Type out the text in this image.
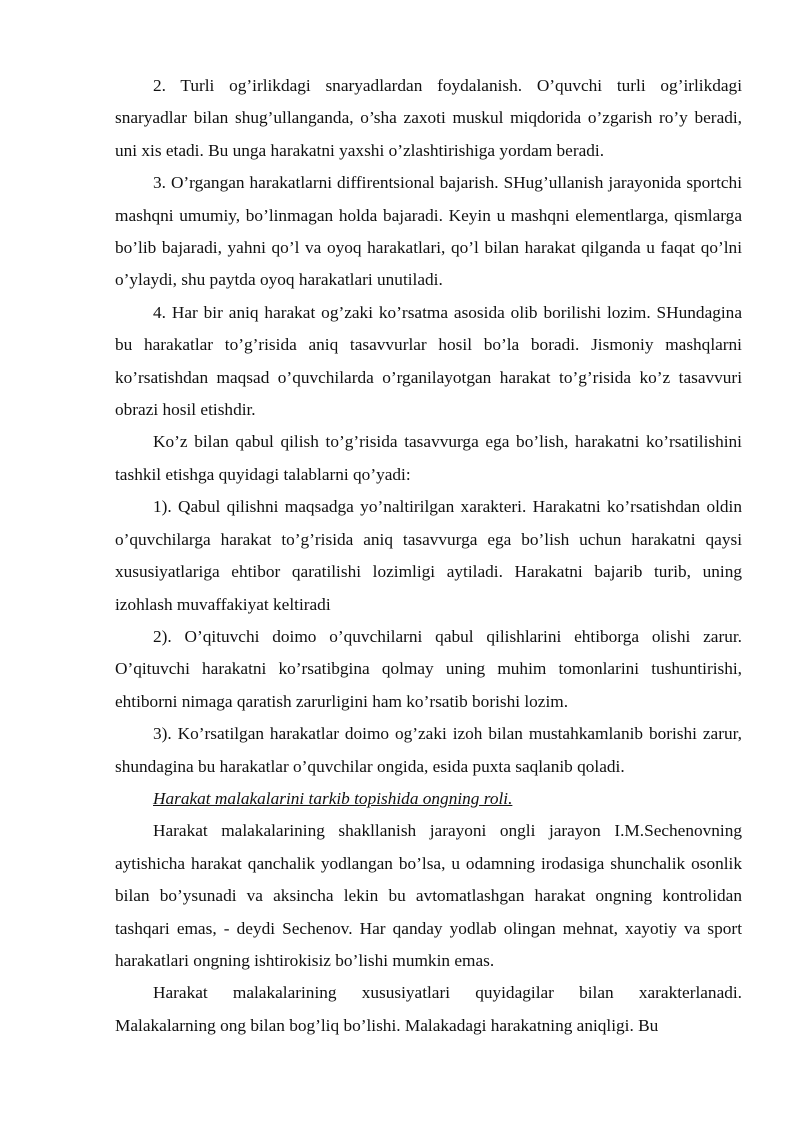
2. Turli og’irlikdagi snaryadlardan foydalanish. O’quvchi turli og’irlikdagi snaryadlar bilan shug’ullanganda, o’sha zaxoti muskul miqdorida o’zgarish ro’y beradi, uni xis etadi. Bu unga harakatni yaxshi o’zlashtirishiga yordam beradi.

3. O’rgangan harakatlarni diffirentsional bajarish. SHug’ullanish jarayonida sportchi mashqni umumiy, bo’linmagan holda bajaradi. Keyin u mashqni elementlarga, qismlarga bo’lib bajaradi, yahni qo’l va oyoq harakatlari, qo’l bilan harakat qilganda u faqat qo’lni o’ylaydi, shu paytda oyoq harakatlari unutiladi.

4. Har bir aniq harakat og’zaki ko’rsatma asosida olib borilishi lozim. SHundagina bu harakatlar to’g’risida aniq tasavvurlar hosil bo’la boradi. Jismoniy mashqlarni ko’rsatishdan maqsad o’quvchilarda o’rganilayotgan harakat to’g’risida ko’z tasavvuri obrazi hosil etishdir.

Ko’z bilan qabul qilish to’g’risida tasavvurga ega bo’lish, harakatni ko’rsatilishini tashkil etishga quyidagi talablarni qo’yadi:

1). Qabul qilishni maqsadga yo’naltirilgan xarakteri. Harakatni ko’rsatishdan oldin o’quvchilarga harakat to’g’risida aniq tasavvurga ega bo’lish uchun harakatni qaysi xususiyatlariga ehtibor qaratilishi lozimligi aytiladi. Harakatni bajarib turib, uning izohlash muvaffakiyat keltiradi

2). O’qituvchi doimo o’quvchilarni qabul qilishlarini ehtiborga olishi zarur. O’qituvchi harakatni ko’rsatibgina qolmay uning muhim tomonlarini tushuntirishi, ehtiborni nimaga qaratish zarurligini ham ko’rsatib borishi lozim.

3). Ko’rsatilgan harakatlar doimo og’zaki izoh bilan mustahkamlanib borishi zarur, shundagina bu harakatlar o’quvchilar ongida, esida puxta saqlanib qoladi.

Harakat malakalarini tarkib topishida ongning roli.

Harakat malakalarining shakllanish jarayoni ongli jarayon I.M.Sechenovning aytishicha harakat qanchalik yodlangan bo’lsa, u odamning irodasiga shunchalik osonlik bilan bo’ysunadi va aksincha lekin bu avtomatlashgan harakat ongning kontrolidan tashqari emas, - deydi Sechenov. Har qanday yodlab olingan mehnat, xayotiy va sport harakatlari ongning ishtirokisiz bo’lishi mumkin emas.

Harakat malakalarining xususiyatlari quyidagilar bilan xarakterlanadi. Malakalarning ong bilan bog’liq bo’lishi. Malakadagi harakatning aniqligi. Bu
